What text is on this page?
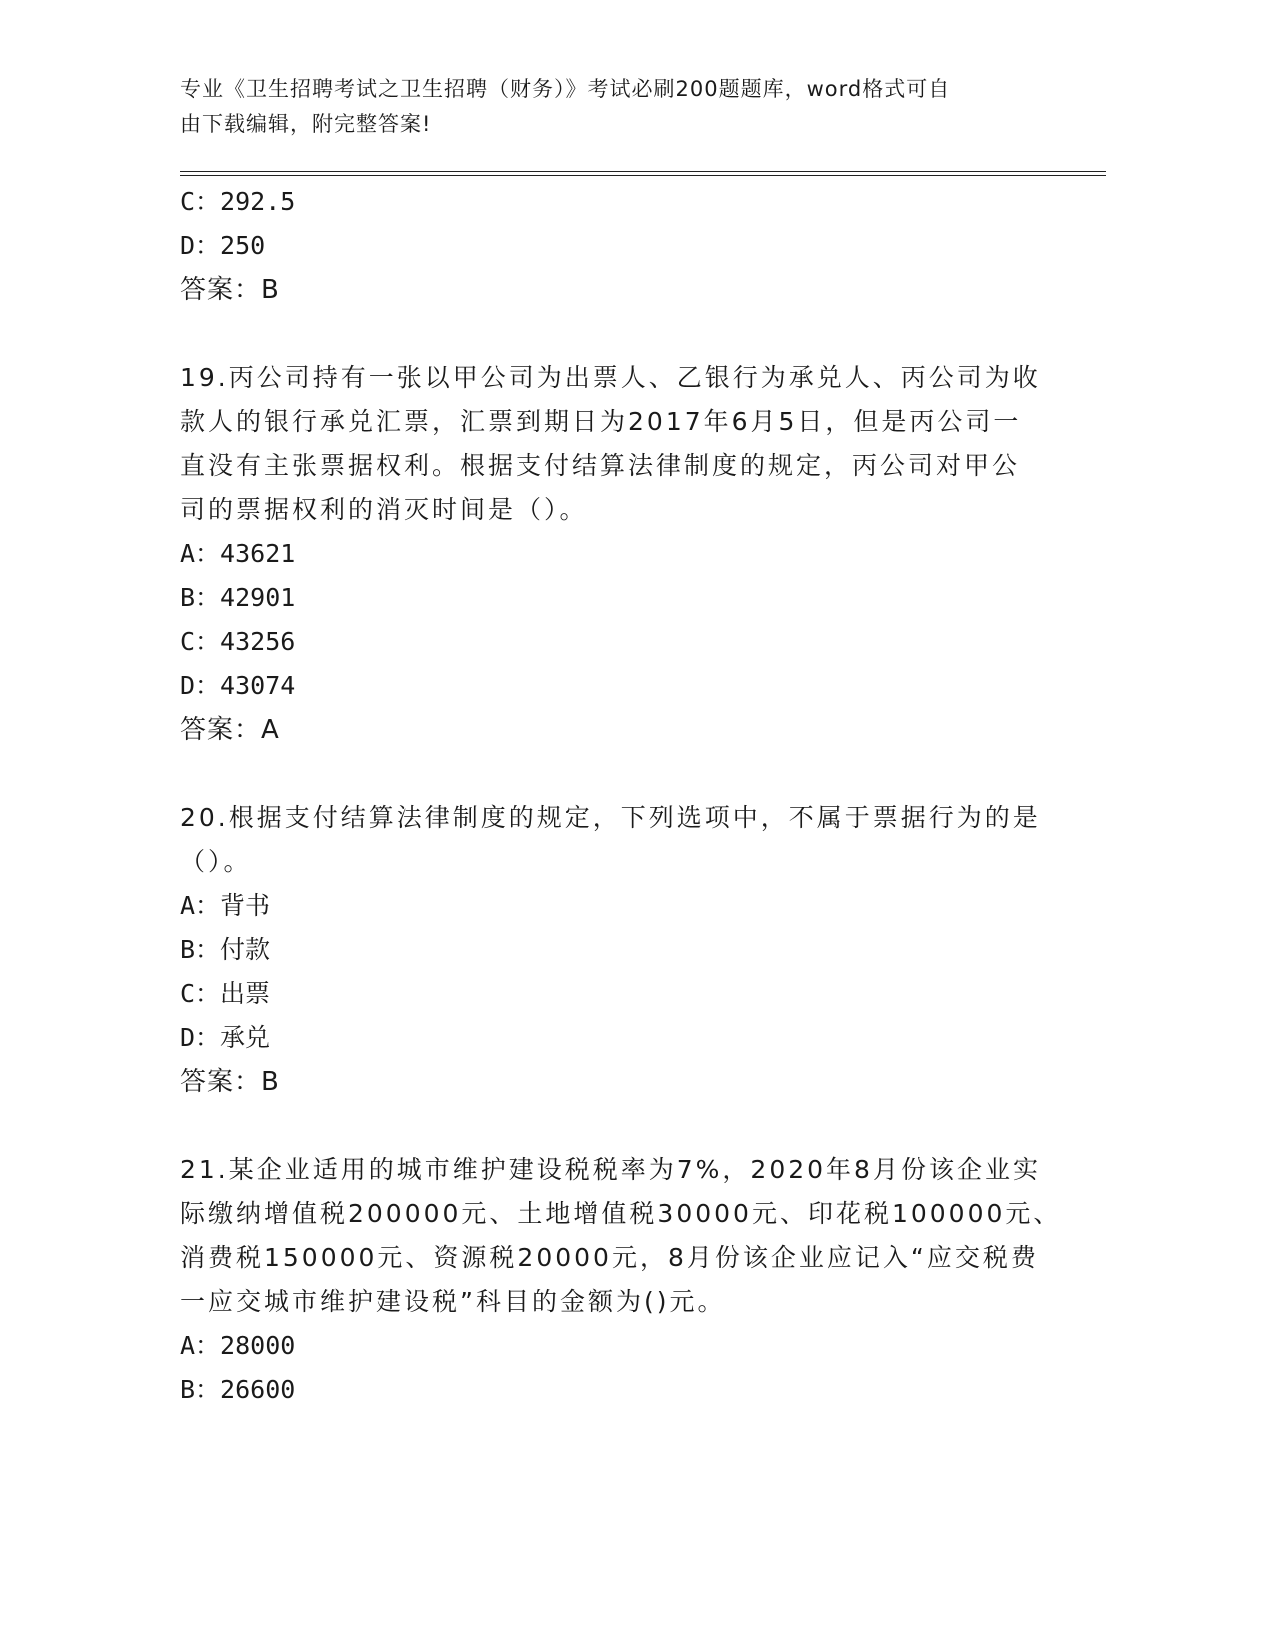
专业《卫生招聘考试之卫生招聘（财务）》考试必刷200题题库，word格式可自
由下载编辑，附完整答案!
C：292.5
D：250
答案：B
19.丙公司持有一张以甲公司为出票人、乙银行为承兑人、丙公司为收
款人的银行承兑汇票，汇票到期日为2017年6月5日，但是丙公司一
直没有主张票据权利。根据支付结算法律制度的规定，丙公司对甲公
司的票据权利的消灭时间是（）。
A：43621
B：42901
C：43256
D：43074
答案：A
20.根据支付结算法律制度的规定，下列选项中，不属于票据行为的是
（）。
A：背书
B：付款
C：出票
D：承兑
答案：B
21.某企业适用的城市维护建设税税率为7%，2020年8月份该企业实
际缴纳增值税200000元、土地增值税30000元、印花税100000元、
消费税150000元、资源税20000元，8月份该企业应记入“应交税费
一应交城市维护建设税”科目的金额为()元。
A：28000
B：26600
